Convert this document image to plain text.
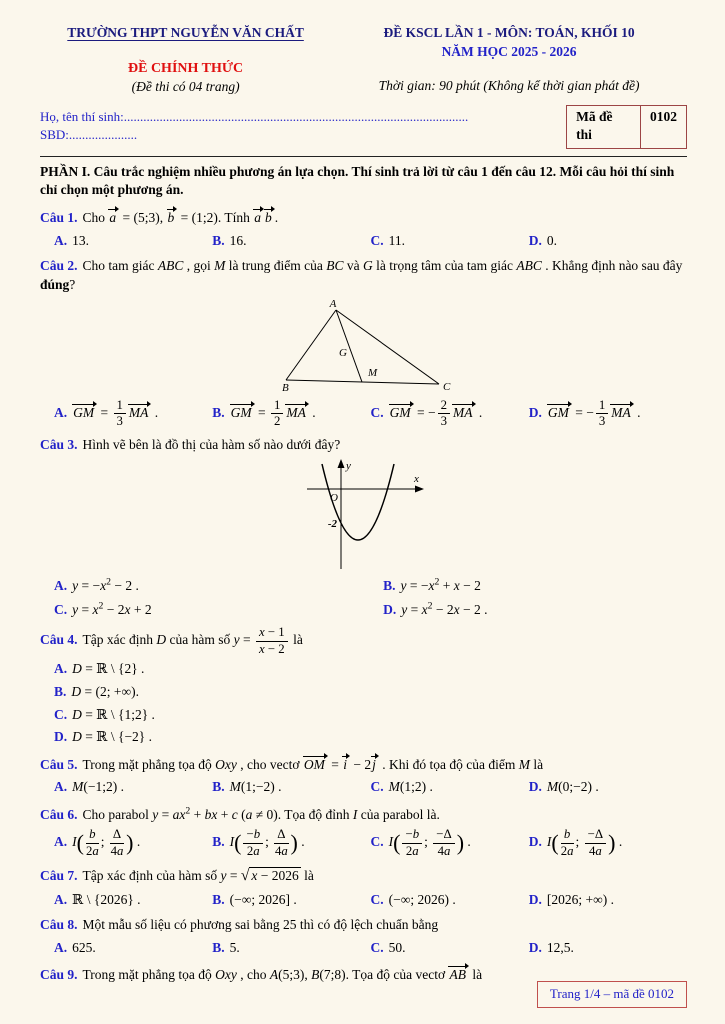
TRƯỜNG THPT NGUYỄN VĂN CHẤT
ĐỀ CHÍNH THỨC
(Đề thi có 04 trang)
ĐỀ KSCL LẦN 1 - MÔN: TOÁN, KHỐI 10
NĂM HỌC 2025 - 2026
Thời gian: 90 phút (Không kể thời gian phát đề)
Họ, tên thí sinh:.......................................................................................................... SBD:.....................
Mã đề thi
0102
PHẦN I. Câu trắc nghiệm nhiều phương án lựa chọn. Thí sinh trả lời từ câu 1 đến câu 12. Mỗi câu hỏi thí sinh chỉ chọn một phương án.
Câu 1. Cho a = (5;3), b = (1;2). Tính a b .
A. 13.	B. 16.	C. 11.	D. 0.
Câu 2. Cho tam giác ABC , gọi M là trung điểm của BC và G là trọng tâm của tam giác ABC . Khẳng định nào sau đây đúng?
A
B	C
G
M
A. GM = $\frac{1}{3}$ MA .	B. GM = $\frac{1}{2}$ MA .	C. GM = − $\frac{2}{3}$ MA .	D. GM = − $\frac{1}{3}$ MA .
Câu 3. Hình vẽ bên là đồ thị của hàm số nào dưới đây?
y
x
O
-2
A. $y = -x^2 - 2$ .	B. $y = -x^2 + x - 2$
C. $y = x^2 - 2x + 2$	D. $y = x^2 - 2x - 2$ .
Câu 4. Tập xác định D của hàm số $y = \frac{x - 1}{x - 2}$ là
A. D = ℝ \ {2} .
B. D = (2; +∞).
C. D = ℝ \ {1;2} .
D. D = ℝ \ {−2} .
Câu 5. Trong mặt phẳng tọa độ Oxy , cho vectơ OM = i − 2j . Khi đó tọa độ của điểm M là
A. M(−1;2) .	B. M(1;−2) .	C. M(1;2) .	D. M(0;−2) .
Câu 6. Cho parabol $y = ax^2$ + bx + c (a ≠ 0). Tọa độ đỉnh I của parabol là.
A. $I( \frac{b}{2a}$ ; $\frac{\Delta}{4a}$ ) .	B. $I( \frac{-b}{2a}$ ; $\frac{\Delta}{4a}$ ) .	C. $I( \frac{-b}{2a}$ ; $\frac{-\Delta}{4a}$ ) .	D. $I( \frac{b}{2a}$ ; $\frac{-\Delta}{4a}$ ) .
Câu 7. Tập xác định của hàm số y = √ x − 2026 là
A. ℝ \ {2026} .	B. (−∞; 2026] .	C. (−∞; 2026) .	D. [2026; +∞) .
Câu 8. Một mẫu số liệu có phương sai bằng 25 thì có độ lệch chuẩn bằng
A. 625.	B. 5.	C. 50.	D. 12,5.
Câu 9. Trong mặt phẳng tọa độ Oxy , cho A(5;3), B(7;8). Tọa độ của vectơ AB là
Trang 1/4 – mã đề 0102
